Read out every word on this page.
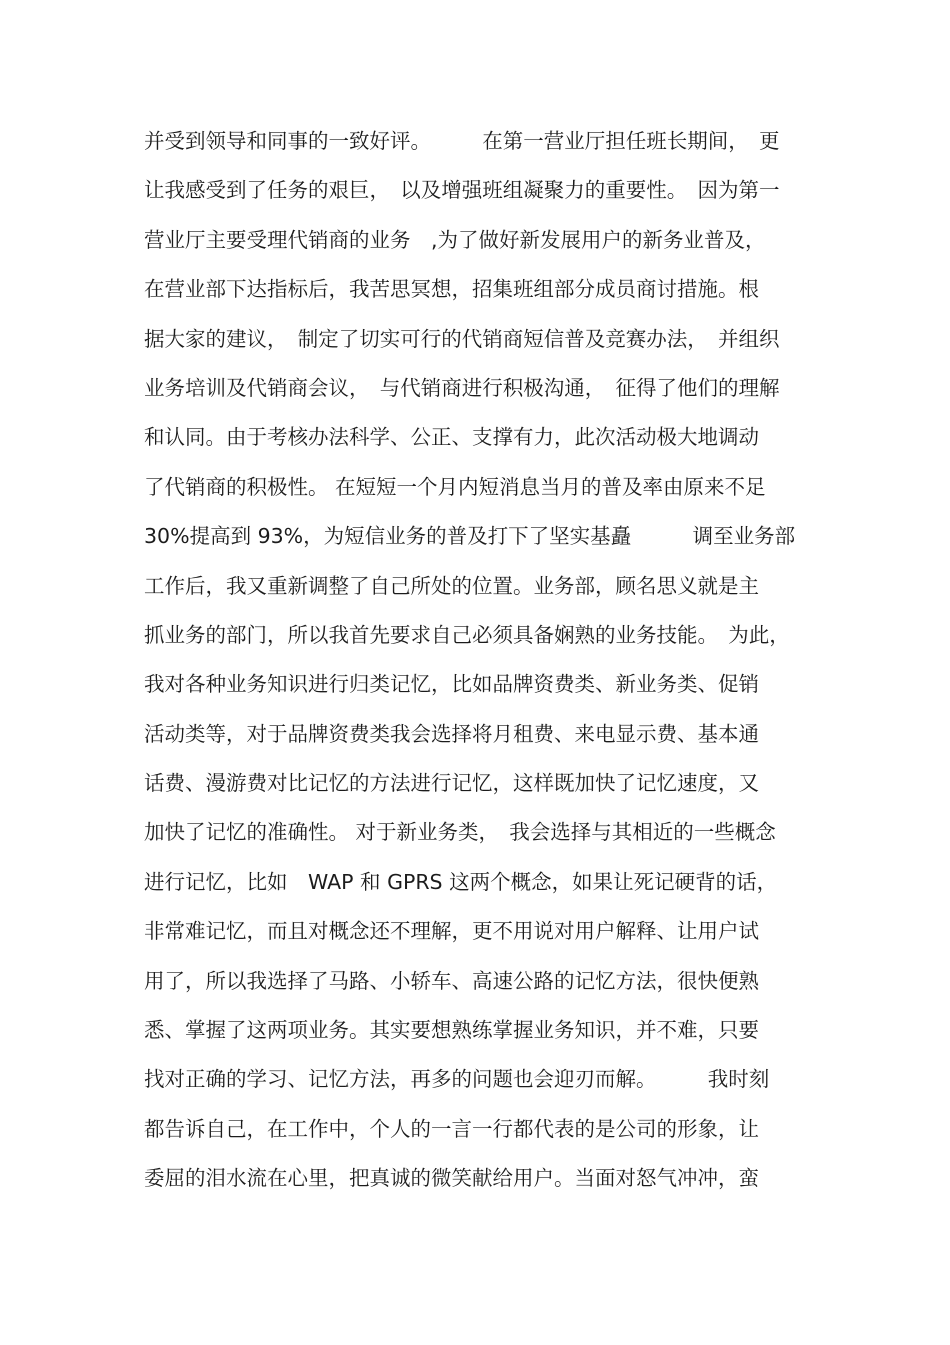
并受到领导和同事的一致好评。　　　在第一营业厅担任班长期间，　更
让我感受到了任务的艰巨，　以及增强班组凝聚力的重要性。　因为第一
营业厅主要受理代销商的业务　,为了做好新发展用户的新务业普及，
在营业部下达指标后，我苦思冥想，招集班组部分成员商讨措施。根
据大家的建议，　制定了切实可行的代销商短信普及竞赛办法，　并组织
业务培训及代销商会议，　与代销商进行积极沟通，　征得了他们的理解
和认同。由于考核办法科学、公正、支撑有力，此次活动极大地调动
了代销商的积极性。 在短短一个月内短消息当月的普及率由原来不足
30%提高到 93%，为短信业务的普及打下了坚实基矗　　　调至业务部
工作后，我又重新调整了自己所处的位置。业务部，顾名思义就是主
抓业务的部门，所以我首先要求自己必须具备娴熟的业务技能。　为此，
我对各种业务知识进行归类记忆，比如品牌资费类、新业务类、促销
活动类等，对于品牌资费类我会选择将月租费、来电显示费、基本通
话费、漫游费对比记忆的方法进行记忆，这样既加快了记忆速度，又
加快了记忆的准确性。 对于新业务类，　我会选择与其相近的一些概念
进行记忆，比如　WAP 和 GPRS 这两个概念，如果让死记硬背的话，
非常难记忆，而且对概念还不理解，更不用说对用户解释、让用户试
用了，所以我选择了马路、小轿车、高速公路的记忆方法，很快便熟
悉、掌握了这两项业务。其实要想熟练掌握业务知识，并不难，只要
找对正确的学习、记忆方法，再多的问题也会迎刃而解。　　　我时刻
都告诉自己，在工作中，个人的一言一行都代表的是公司的形象，让
委屈的泪水流在心里，把真诚的微笑献给用户。当面对怒气冲冲，蛮
